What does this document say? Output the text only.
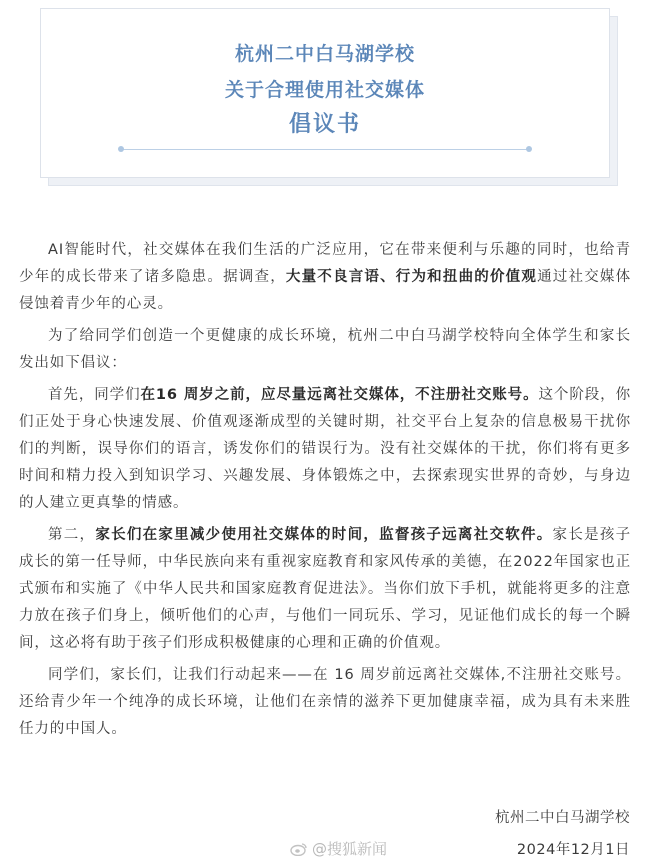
杭州二中白马湖学校
关于合理使用社交媒体
倡议书

AI智能时代，社交媒体在我们生活的广泛应用，它在带来便利与乐趣的同时，也给青少年的成长带来了诸多隐患。据调查，大量不良言语、行为和扭曲的价值观通过社交媒体侵蚀着青少年的心灵。

为了给同学们创造一个更健康的成长环境，杭州二中白马湖学校特向全体学生和家长发出如下倡议：

首先，同学们在16 周岁之前，应尽量远离社交媒体，不注册社交账号。这个阶段，你们正处于身心快速发展、价值观逐渐成型的关键时期，社交平台上复杂的信息极易干扰你们的判断，误导你们的语言，诱发你们的错误行为。没有社交媒体的干扰，你们将有更多时间和精力投入到知识学习、兴趣发展、身体锻炼之中，去探索现实世界的奇妙，与身边的人建立更真挚的情感。

第二，家长们在家里减少使用社交媒体的时间，监督孩子远离社交软件。家长是孩子成长的第一任导师，中华民族向来有重视家庭教育和家风传承的美德，在2022年国家也正式颁布和实施了《中华人民共和国家庭教育促进法》。当你们放下手机，就能将更多的注意力放在孩子们身上，倾听他们的心声，与他们一同玩乐、学习，见证他们成长的每一个瞬间，这必将有助于孩子们形成积极健康的心理和正确的价值观。

同学们，家长们，让我们行动起来——在 16 周岁前远离社交媒体,不注册社交账号。还给青少年一个纯净的成长环境，让他们在亲情的滋养下更加健康幸福，成为具有未来胜任力的中国人。

杭州二中白马湖学校
@搜狐新闻	2024年12月1日
